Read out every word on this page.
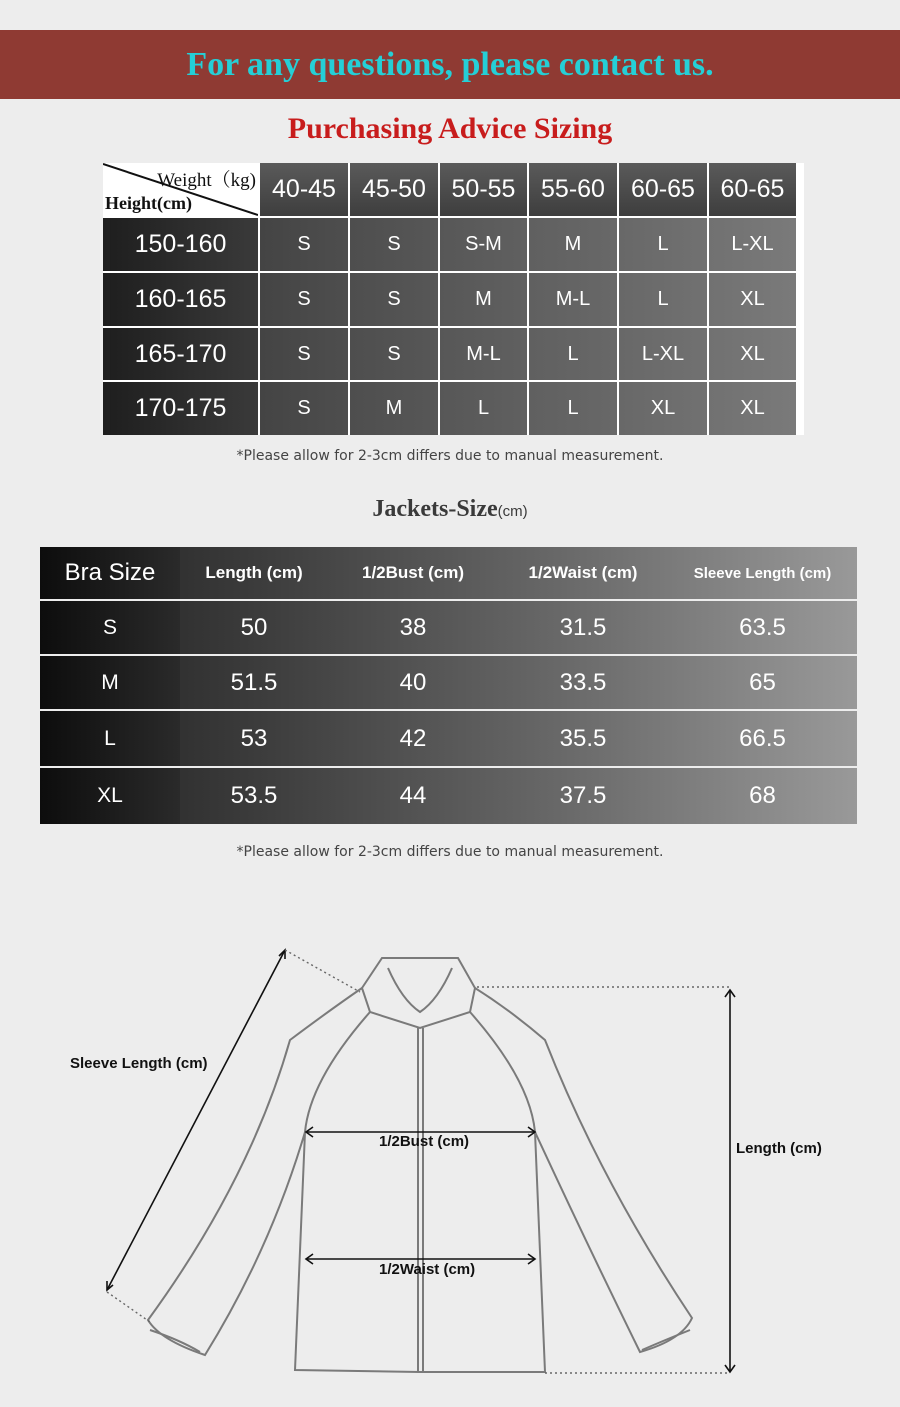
For any questions, please contact us.
Purchasing Advice Sizing
Weight（kg)
Height(cm)	40-45	45-50	50-55	55-60	60-65	60-65
150-160	S	S	S-M	M	L	L-XL
160-165	S	S	M	M-L	L	XL
165-170	S	S	M-L	L	L-XL	XL
170-175	S	M	L	L	XL	XL
*Please allow for 2-3cm differs due to manual measurement.
Jackets-Size(cm)
Bra Size	Length (cm)	1/2Bust (cm)	1/2Waist (cm)	Sleeve Length (cm)
S	50	38	31.5	63.5
M	51.5	40	33.5	65
L	53	42	35.5	66.5
XL	53.5	44	37.5	68
*Please allow for 2-3cm differs due to manual measurement.
Sleeve Length (cm)
1/2Bust (cm)
1/2Waist (cm)
Length (cm)
